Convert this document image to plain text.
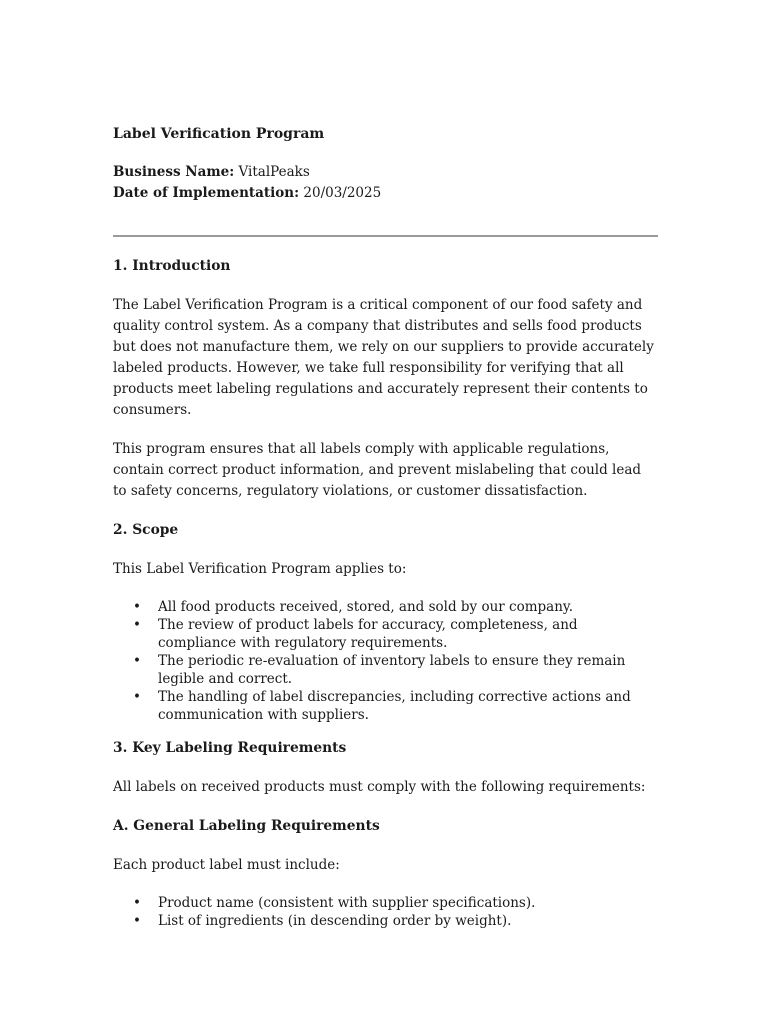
Label Verification Program

Business Name: VitalPeaks

Date of Implementation: 20/03/2025

1. Introduction

The Label Verification Program is a critical component of our food safety and quality control system. As a company that distributes and sells food products but does not manufacture them, we rely on our suppliers to provide accurately labeled products. However, we take full responsibility for verifying that all products meet labeling regulations and accurately represent their contents to consumers.

This program ensures that all labels comply with applicable regulations, contain correct product information, and prevent mislabeling that could lead to safety concerns, regulatory violations, or customer dissatisfaction.

2. Scope

This Label Verification Program applies to:

• All food products received, stored, and sold by our company.
• The review of product labels for accuracy, completeness, and compliance with regulatory requirements.
• The periodic re-evaluation of inventory labels to ensure they remain legible and correct.
• The handling of label discrepancies, including corrective actions and communication with suppliers.
3. Key Labeling Requirements

All labels on received products must comply with the following requirements:

A. General Labeling Requirements

Each product label must include:

• Product name (consistent with supplier specifications).
• List of ingredients (in descending order by weight).
